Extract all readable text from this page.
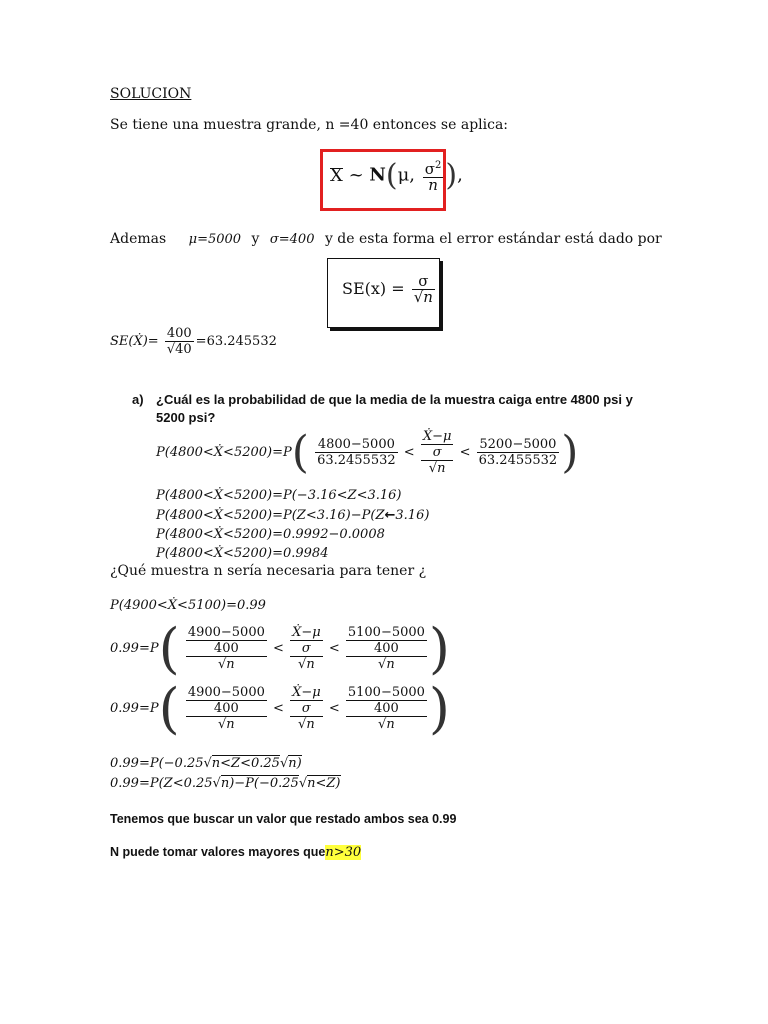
SOLUCION
Se tiene una muestra grande, n =40 entonces se aplica:
X ~ N(μ, $\frac{\sigma^2}{n}$ ),
Ademas μ=5000 y σ=400 y de esta forma el error estándar está dado por
$SE(x) = \frac{\sigma}{√n}$
SE(Ẋ)= $\frac{400}{√40} =63.245532$
a) ¿Cuál es la probabilidad de que la media de la muestra caiga entre 4800 psi y
5200 psi?
P(4800<Ẋ<5200)=P( $\frac{4800-5000}{63.2455532}$ <
Ẋ−μ
σ
√n
< $\frac{5200-5000}{63.2455532}$ )
P(4800<Ẋ<5200)=P(−3.16<Z<3.16)
P(4800<Ẋ<5200)=P(Z<3.16)−P(Z←3.16)
P(4800<Ẋ<5200)=0.9992−0.0008
P(4800<Ẋ<5200)=0.9984
¿Qué muestra n sería necesaria para tener ¿
P(4900<Ẋ<5100)=0.99
0.99=P( 4900−5000
400
√n
<
Ẋ−μ
σ
√n
<
5100−5000
400
√n )
0.99=P( 4900−5000
400
√n
<
Ẋ−μ
σ
√n
<
5100−5000
400
√n )
0.99=P(−0.25√n<Z<0.25√n)
0.99=P(Z<0.25√n)−P(−0.25√n<Z)
Tenemos que buscar un valor que restado ambos sea 0.99
N puede tomar valores mayores quen>30
